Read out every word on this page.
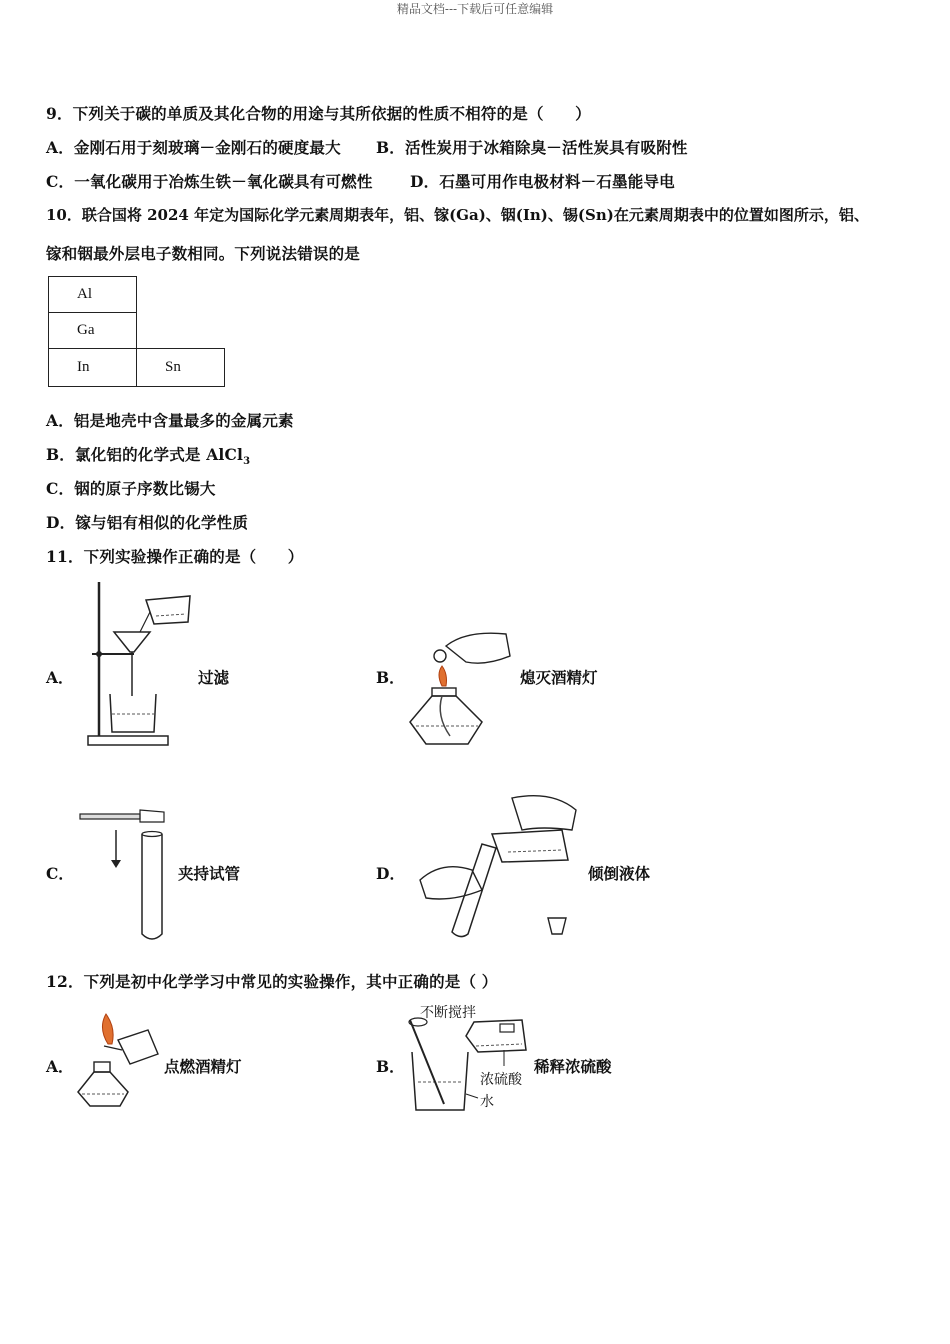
精品文档---下载后可任意编辑
9．下列关于碳的单质及其化合物的用途与其所依据的性质不相符的是（　　）
A．金刚石用于刻玻璃－金刚石的硬度最大 B．活性炭用于冰箱除臭－活性炭具有吸附性
C．一氧化碳用于冶炼生铁－氧化碳具有可燃性 D．石墨可用作电极材料－石墨能导电
10．联合国将 2024 年定为国际化学元素周期表年，铝、镓(Ga)、铟(In)、锡(Sn)在元素周期表中的位置如图所示，铝、
镓和铟最外层电子数相同。下列说法错误的是
Al	
Ga	
In	Sn
A．铝是地壳中含量最多的金属元素
B．氯化铝的化学式是 AlCl$_3$
C．铟的原子序数比锡大
D．镓与铝有相似的化学性质
11．下列实验操作正确的是（　　）
A．	过滤	B．	熄灭酒精灯
C．	夹持试管	D．	倾倒液体
12．下列是初中化学学习中常见的实验操作，其中正确的是（ ）
A．	点燃酒精灯	B．
不断搅拌
浓硫酸
水
稀释浓硫酸
